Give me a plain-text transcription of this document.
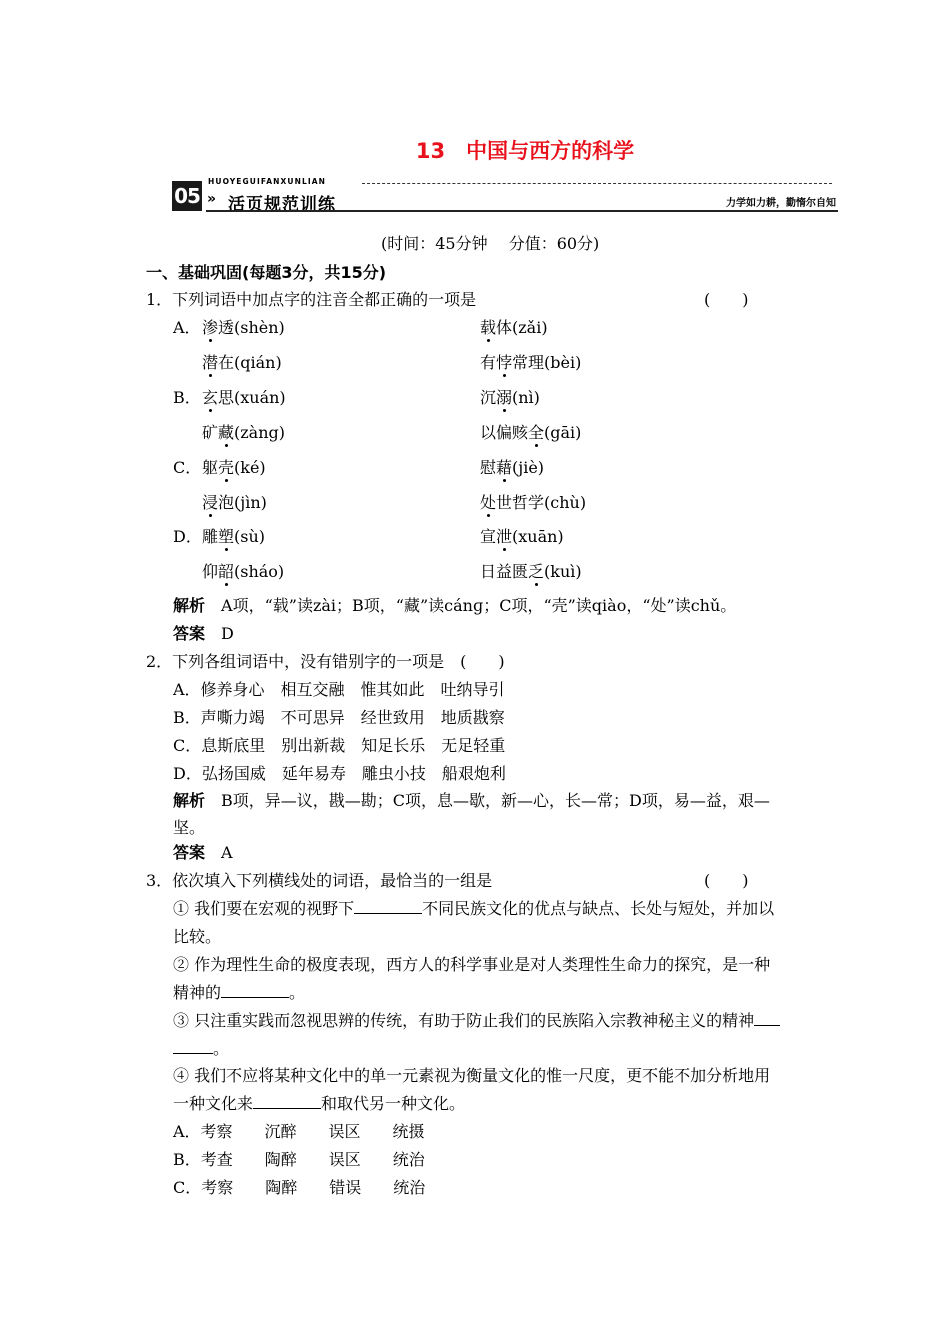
13　中国与西方的科学
05
HUOYEGUIFANXUNLIAN
» 活页规范训练	力学如力耕，勤惰尔自知
(时间：45分钟　 分值：60分)
一、基础巩固(每题3分，共15分)
1．下列词语中加点字的注音全都正确的一项是	(　　)
A． 渗透(shèn)	载体(zǎi)
潜在(qián)	有悖常理(bèi)
B． 玄思(xuán)	沉溺(nì)
矿藏(zàng)	以偏赅全(gāi)
C． 躯壳(ké)	慰藉(jiè)
浸泡(jìn)	处世哲学(chù)
D． 雕塑(sù)	宣泄(xuān)
仰韶(sháo)	日益匮乏(kuì)
解析　 A项，“载”读zài；B项，“藏”读cánɡ；C项，“壳”读qiào，“处”读chǔ。
答案　 D
2．下列各组词语中，没有错别字的一项是　(　　)
A．修养身心　相互交融　惟其如此　吐纳导引
B．声嘶力竭　不可思异　经世致用　地质戡察
C．息斯底里　别出新裁　知足长乐　无足轻重
D．弘扬国威　延年易寿　雕虫小技　船艰炮利
解析　 B项，异—议，戡—勘；C项，息—歇，新—心，长—常；D项，易—益，艰—
坚。
答案　 A
3．依次填入下列横线处的词语，最恰当的一组是	(　　)
① 我们要在宏观的视野下	不同民族文化的优点与缺点、长处与短处，并加以
比较。
② 作为理性生命的极度表现，西方人的科学事业是对人类理性生命力的探究，是一种
精神的	。
③ 只注重实践而忽视思辨的传统，有助于防止我们的民族陷入宗教神秘主义的精神
。
④ 我们不应将某种文化中的单一元素视为衡量文化的惟一尺度，更不能不加分析地用
一种文化来	和取代另一种文化。
A．考察　　沉醉　　误区　　统摄
B．考查　　陶醉　　误区　　统治
C．考察　　陶醉　　错误　　统治
